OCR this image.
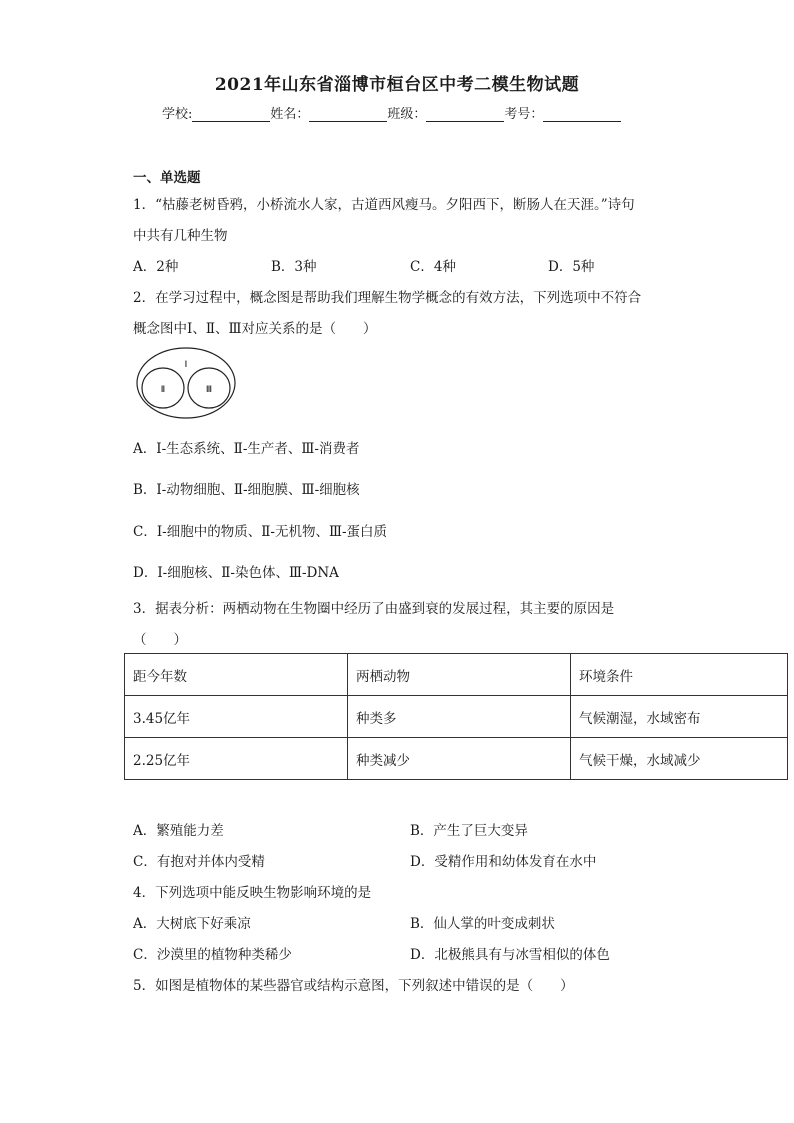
2021年山东省淄博市桓台区中考二模生物试题
学校:	姓名：	班级：	考号：
一、单选题
1．“枯藤老树昏鸦，小桥流水人家，古道西风瘦马。夕阳西下，断肠人在天涯。”诗句
中共有几种生物
A．2种	B．3种	C．4种	D．5种
2．在学习过程中，概念图是帮助我们理解生物学概念的有效方法，下列选项中不符合
概念图中Ⅰ、Ⅱ、Ⅲ对应关系的是（　　）
Ⅰ
Ⅱ	Ⅲ
A．Ⅰ-生态系统、Ⅱ-生产者、Ⅲ-消费者
B．Ⅰ-动物细胞、Ⅱ-细胞膜、Ⅲ-细胞核
C．Ⅰ-细胞中的物质、Ⅱ-无机物、Ⅲ-蛋白质
D．Ⅰ-细胞核、Ⅱ-染色体、Ⅲ-DNA
3．据表分析：两栖动物在生物圈中经历了由盛到衰的发展过程，其主要的原因是
（　　）
距今年数	两栖动物	环境条件
3.45亿年	种类多	气候潮湿，水域密布
2.25亿年	种类减少	气候干燥，水域减少
A．繁殖能力差	B．产生了巨大变异
C．有抱对并体内受精	D．受精作用和幼体发育在水中
4．下列选项中能反映生物影响环境的是
A．大树底下好乘凉	B．仙人掌的叶变成刺状
C．沙漠里的植物种类稀少	D．北极熊具有与冰雪相似的体色
5．如图是植物体的某些器官或结构示意图，下列叙述中错误的是（　　）
